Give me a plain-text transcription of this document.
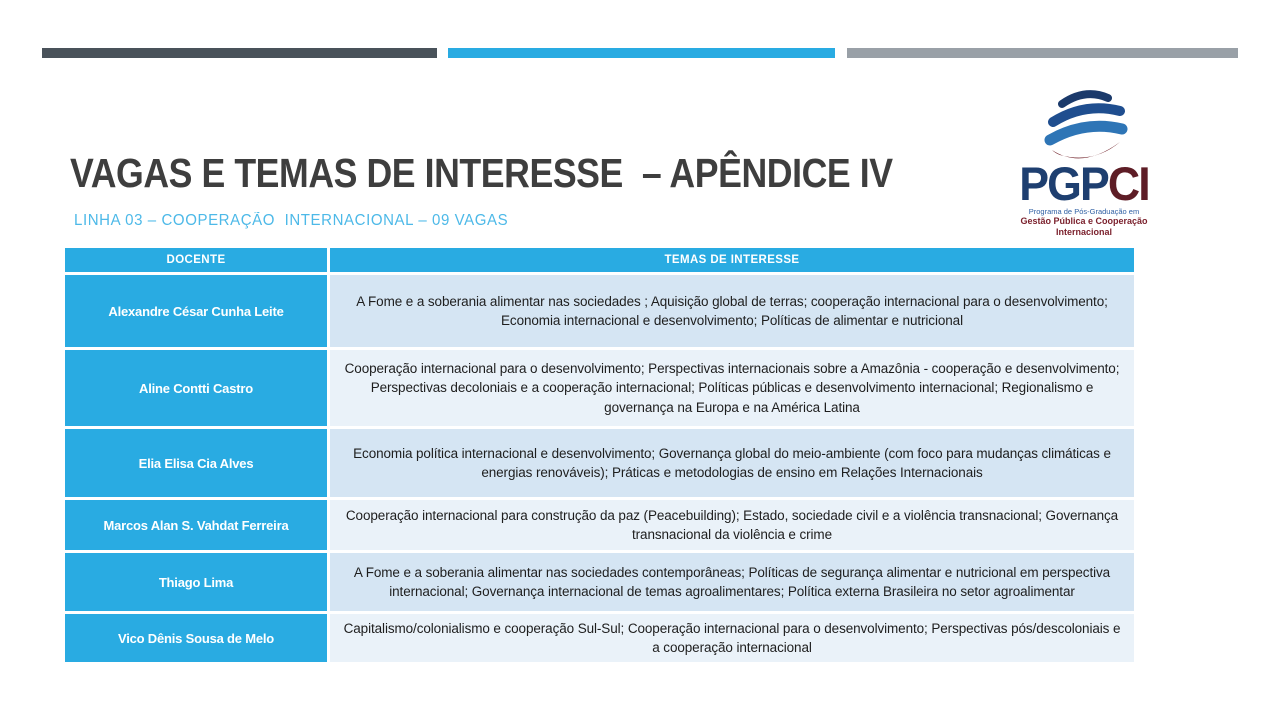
VAGAS E TEMAS DE INTERESSE  – APÊNDICE IV
LINHA 03 – COOPERAÇÃO  INTERNACIONAL – 09 VAGAS
PGPCI
Programa de Pós-Graduação em
Gestão Pública e Cooperação Internacional
DOCENTE	TEMAS DE INTERESSE
Alexandre César Cunha Leite
A Fome e a soberania alimentar nas sociedades ; Aquisição global de terras; cooperação internacional para o desenvolvimento; Economia internacional e desenvolvimento; Políticas de alimentar e nutricional
Aline Contti Castro
Cooperação internacional para o desenvolvimento; Perspectivas internacionais sobre a Amazônia - cooperação e desenvolvimento; Perspectivas decoloniais e a cooperação internacional; Políticas públicas e desenvolvimento internacional; Regionalismo e governança na Europa e na América Latina
Elia Elisa Cia Alves
Economia política internacional e desenvolvimento; Governança global do meio-ambiente (com foco para mudanças climáticas e energias renováveis); Práticas e metodologias de ensino em Relações Internacionais
Marcos Alan S. Vahdat Ferreira
Cooperação internacional para construção da paz (Peacebuilding); Estado, sociedade civil e a violência transnacional; Governança transnacional da violência e crime
Thiago Lima
A Fome e a soberania alimentar nas sociedades contemporâneas; Políticas de segurança alimentar e nutricional em perspectiva internacional; Governança internacional de temas agroalimentares; Política externa Brasileira no setor agroalimentar
Vico Dênis Sousa de Melo
Capitalismo/colonialismo e cooperação Sul-Sul; Cooperação internacional para o desenvolvimento; Perspectivas pós/descoloniais e a cooperação internacional
